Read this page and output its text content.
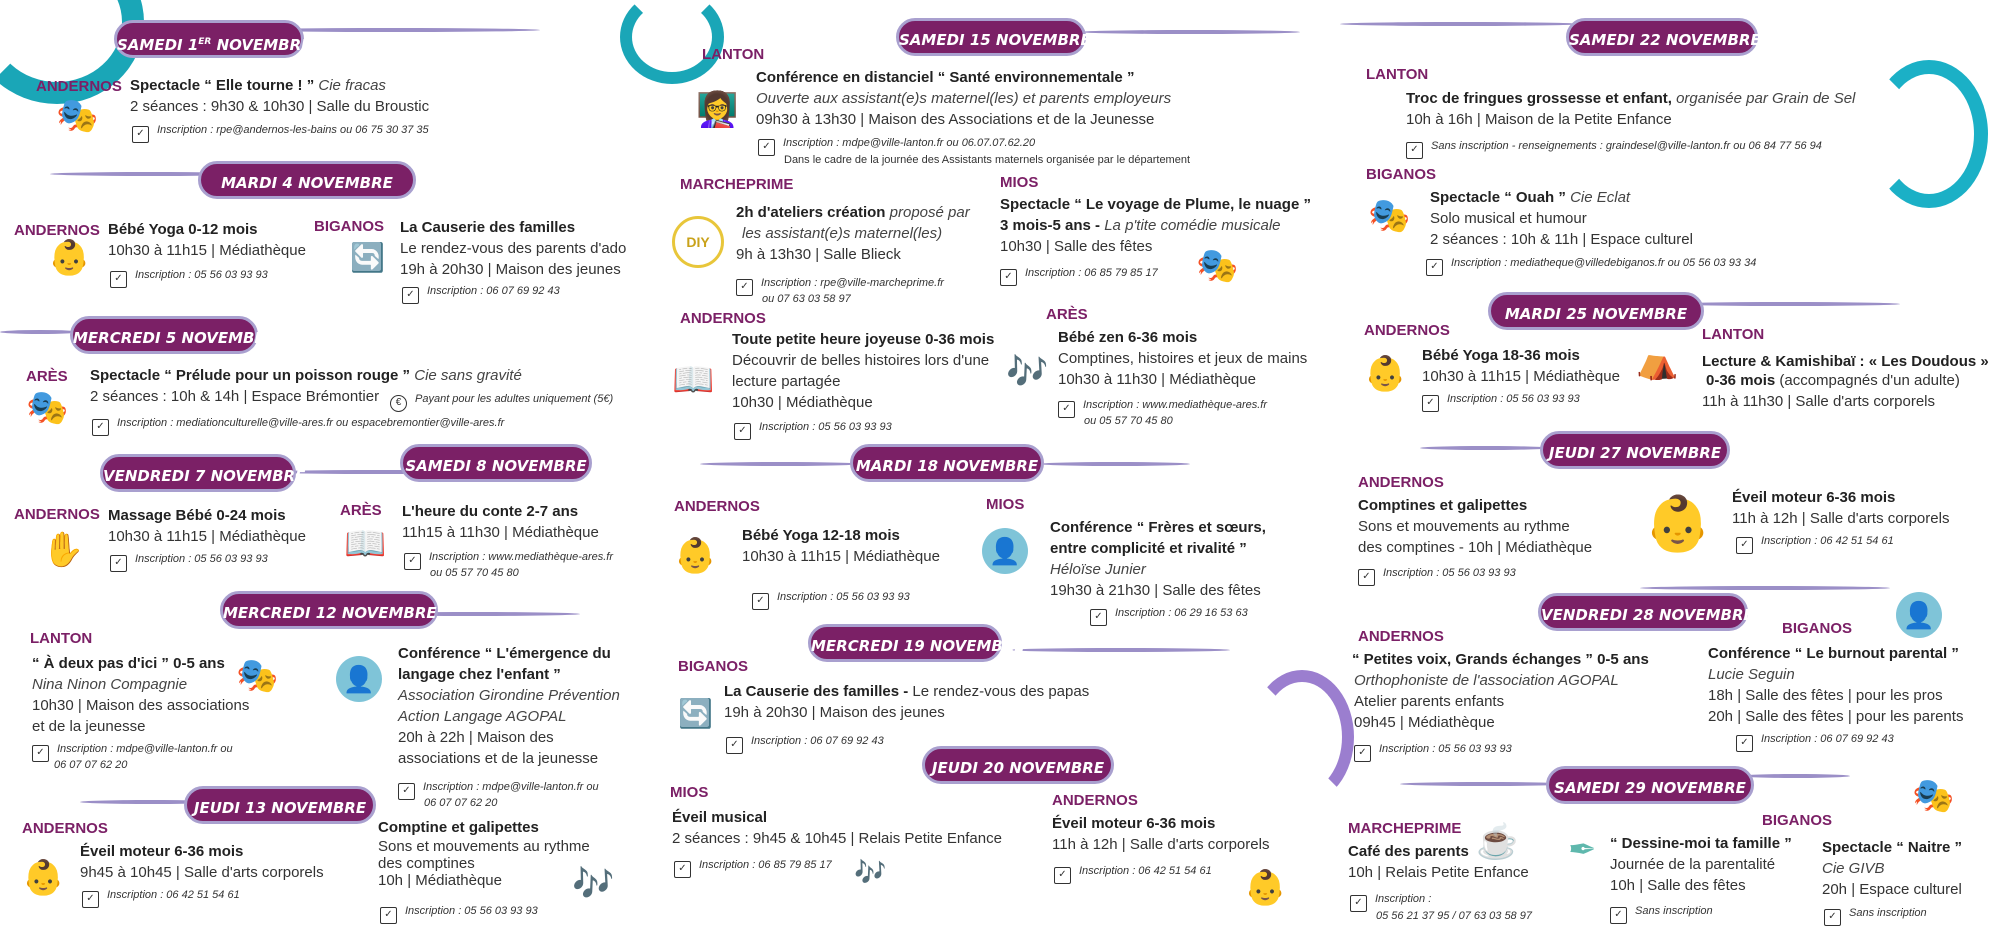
SAMEDI 1ER NOVEMBRE
ANDERNOS
🎭
Spectacle “ Elle tourne ! ” Cie fracas
2 séances : 9h30 & 10h30 | Salle du Broustic
✓ Inscription : rpe@andernos-les-bains ou 06 75 30 37 35
MARDI 4 NOVEMBRE
ANDERNOS
👶
Bébé Yoga 0-12 mois
10h30 à 11h15 | Médiathèque
✓ Inscription : 05 56 03 93 93
BIGANOS
🔄
La Causerie des familles
Le rendez-vous des parents d'ado
19h à 20h30 | Maison des jeunes
✓ Inscription : 06 07 69 92 43
MERCREDI 5 NOVEMBRE
ARÈS
🎭
Spectacle “ Prélude pour un poisson rouge ” Cie sans gravité
2 séances : 10h & 14h | Espace Brémontier	€ Payant pour les adultes uniquement (5€)
✓ Inscription : mediationculturelle@ville-ares.fr ou espacebremontier@ville-ares.fr
VENDREDI 7 NOVEMBRE
SAMEDI 8 NOVEMBRE
ANDERNOS
✋
Massage Bébé 0-24 mois
10h30 à 11h15 | Médiathèque
✓ Inscription : 05 56 03 93 93
ARÈS
📖
L'heure du conte 2-7 ans
11h15 à 11h30 | Médiathèque
✓ Inscription : www.mediathèque-ares.fr
ou 05 57 70 45 80
MERCREDI 12 NOVEMBRE
LANTON
“ À deux pas d'ici ” 0-5 ans 🎭
Nina Ninon Compagnie
10h30 | Maison des associations
et de la jeunesse
✓ Inscription : mdpe@ville-lanton.fr ou
06 07 07 62 20
👤
Conférence “ L'émergence du
langage chez l'enfant ”
Association Girondine Prévention
Action Langage AGOPAL
20h à 22h | Maison des
associations et de la jeunesse
✓ Inscription : mdpe@ville-lanton.fr ou
06 07 07 62 20
JEUDI 13 NOVEMBRE
ANDERNOS
👶
Éveil moteur 6-36 mois
9h45 à 10h45 | Salle d'arts corporels
✓ Inscription : 06 42 51 54 61
Comptine et galipettes
Sons et mouvements au rythme
des comptines
10h | Médiathèque 🎶
✓ Inscription : 05 56 03 93 93
SAMEDI 15 NOVEMBRE
LANTON
👩‍🏫
Conférence en distanciel “ Santé environnementale ”
Ouverte aux assistant(e)s maternel(les) et parents employeurs
09h30 à 13h30 | Maison des Associations et de la Jeunesse
✓ Inscription : mdpe@ville-lanton.fr ou 06.07.07.62.20
Dans le cadre de la journée des Assistants maternels organisée par le département
MARCHEPRIME
DIY
2h d'ateliers création proposé par
les assistant(e)s maternel(les)
9h à 13h30 | Salle Blieck
✓ Inscription : rpe@ville-marcheprime.fr
ou 07 63 03 58 97
MIOS
Spectacle “ Le voyage de Plume, le nuage ”
3 mois-5 ans - La p'tite comédie musicale
10h30 | Salle des fêtes
✓ Inscription : 06 85 79 85 17 🎭
ANDERNOS
📖
Toute petite heure joyeuse 0-36 mois
Découvrir de belles histoires lors d'une
lecture partagée
10h30 | Médiathèque
✓ Inscription : 05 56 03 93 93
ARÈS
🎶
Bébé zen 6-36 mois
Comptines, histoires et jeux de mains
10h30 à 11h30 | Médiathèque
✓ Inscription : www.mediathèque-ares.fr
ou 05 57 70 45 80
MARDI 18 NOVEMBRE
ANDERNOS
👶
Bébé Yoga 12-18 mois
10h30 à 11h15 | Médiathèque
✓ Inscription : 05 56 03 93 93
MIOS
👤
Conférence “ Frères et sœurs,
entre complicité et rivalité ”
Héloïse Junier
19h30 à 21h30 | Salle des fêtes
✓ Inscription : 06 29 16 53 63
MERCREDI 19 NOVEMBRE
BIGANOS
🔄
La Causerie des familles - Le rendez-vous des papas
19h à 20h30 | Maison des jeunes
✓ Inscription : 06 07 69 92 43
JEUDI 20 NOVEMBRE
MIOS
Éveil musical
2 séances : 9h45 & 10h45 | Relais Petite Enfance
✓ Inscription : 06 85 79 85 17 🎶
ANDERNOS
Éveil moteur 6-36 mois
11h à 12h | Salle d'arts corporels
✓ Inscription : 06 42 51 54 61 👶
SAMEDI 22 NOVEMBRE
LANTON
Troc de fringues grossesse et enfant, organisée par Grain de Sel
10h à 16h | Maison de la Petite Enfance
✓ Sans inscription - renseignements : graindesel@ville-lanton.fr ou 06 84 77 56 94
BIGANOS
🎭 Spectacle “ Ouah ” Cie Eclat
Solo musical et humour
2 séances : 10h & 11h | Espace culturel
✓ Inscription : mediatheque@villedebiganos.fr ou 05 56 03 93 34
MARDI 25 NOVEMBRE
ANDERNOS
👶 Bébé Yoga 18-36 mois
10h30 à 11h15 | Médiathèque
✓ Inscription : 05 56 03 93 93
⛺
LANTON
Lecture & Kamishibaï : « Les Doudous »
0-36 mois (accompagnés d'un adulte)
11h à 11h30 | Salle d'arts corporels
JEUDI 27 NOVEMBRE
ANDERNOS
Comptines et galipettes
Sons et mouvements au rythme
des comptines - 10h | Médiathèque
✓ Inscription : 05 56 03 93 93
👶 Éveil moteur 6-36 mois
11h à 12h | Salle d'arts corporels
✓ Inscription : 06 42 51 54 61
VENDREDI 28 NOVEMBRE	👤
ANDERNOS
“ Petites voix, Grands échanges ” 0-5 ans
Orthophoniste de l'association AGOPAL
Atelier parents enfants
09h45 | Médiathèque
✓ Inscription : 05 56 03 93 93
BIGANOS
Conférence “ Le burnout parental ”
Lucie Seguin
18h | Salle des fêtes | pour les pros
20h | Salle des fêtes | pour les parents
✓ Inscription : 06 07 69 92 43
SAMEDI 29 NOVEMBRE	🎭
MARCHEPRIME
Café des parents ☕
10h | Relais Petite Enfance
✓ Inscription :
05 56 21 37 95 / 07 63 03 58 97
✒ “ Dessine-moi ta famille ”
Journée de la parentalité
10h | Salle des fêtes
✓ Sans inscription
BIGANOS
Spectacle “ Naitre ”
Cie GIVB
20h | Espace culturel
✓ Sans inscription
